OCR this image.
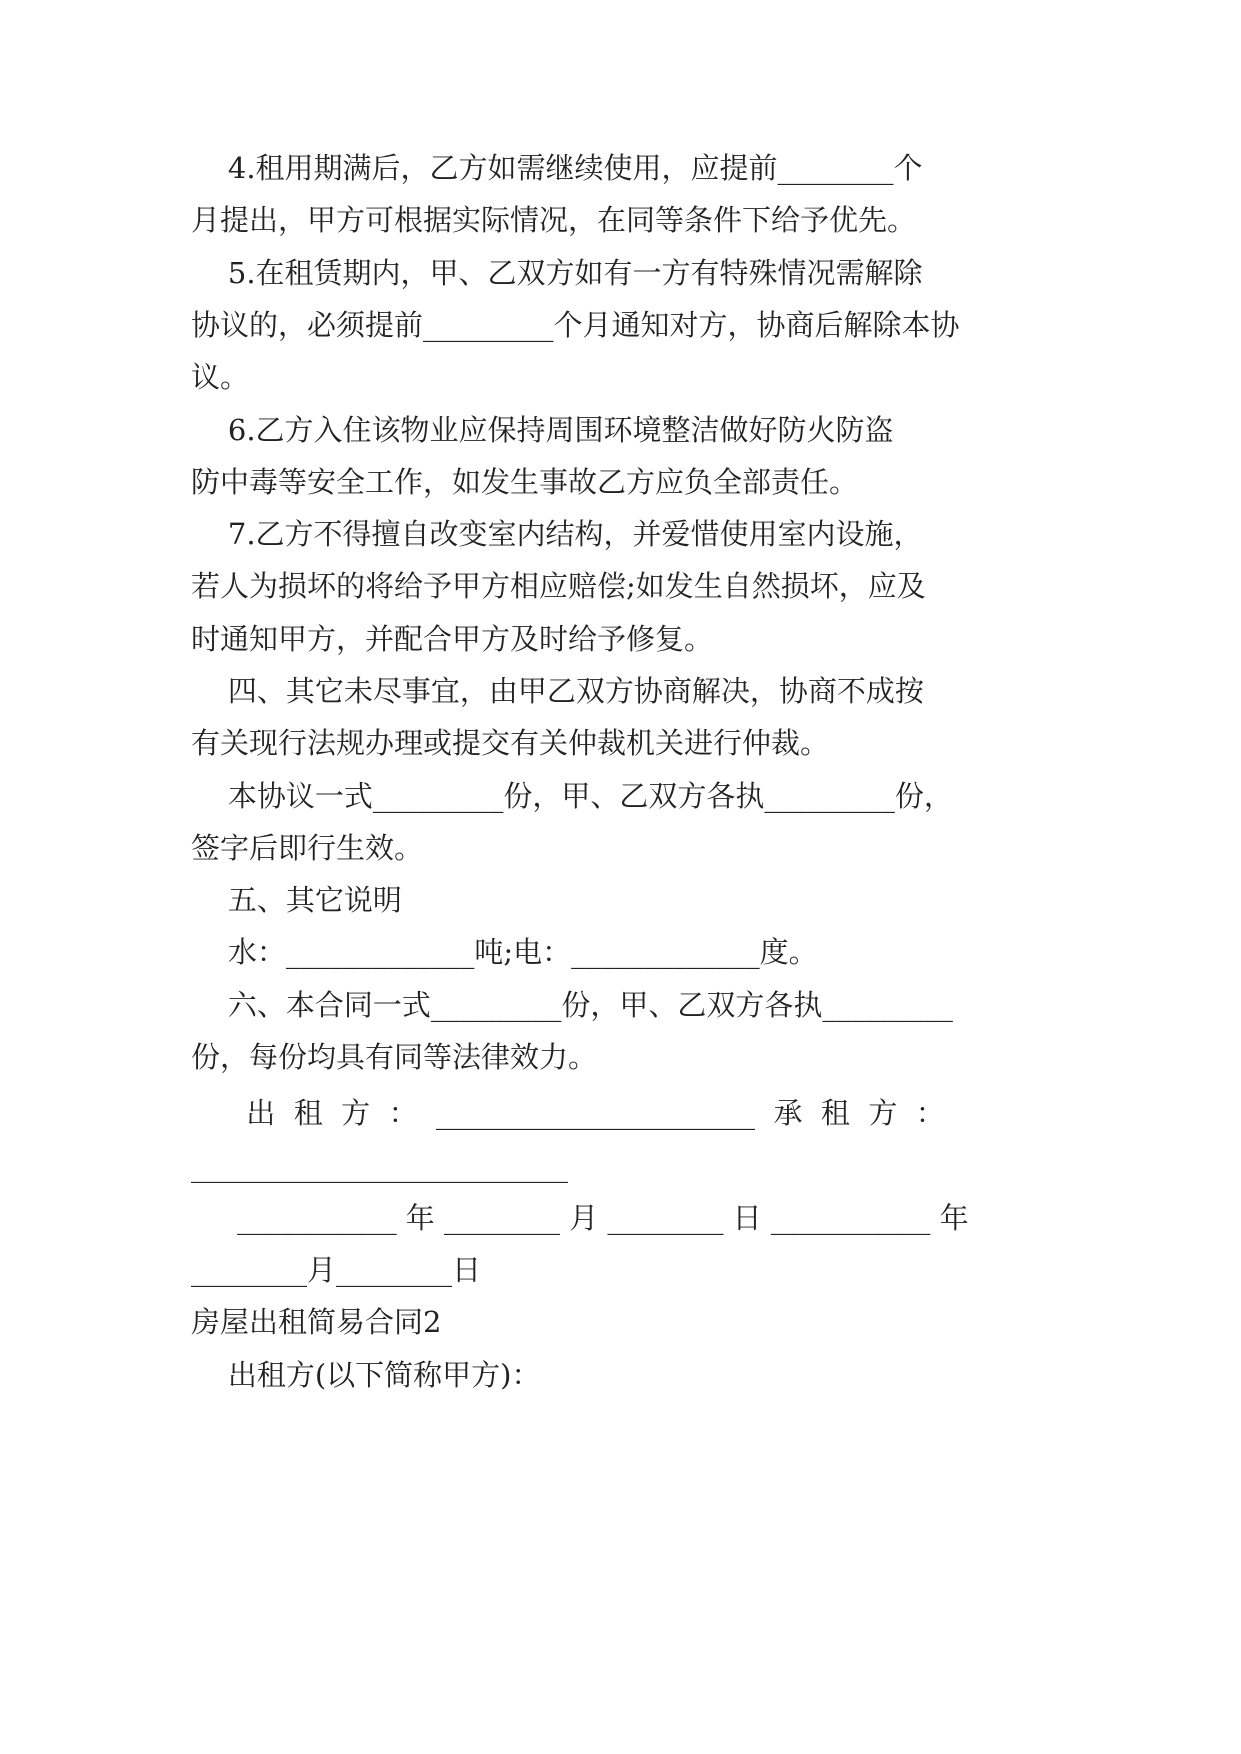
4.租用期满后，乙方如需继续使用，应提前________个
月提出，甲方可根据实际情况，在同等条件下给予优先。
5.在租赁期内，甲、乙双方如有一方有特殊情况需解除
协议的，必须提前_________个月通知对方，协商后解除本协
议。
6.乙方入住该物业应保持周围环境整洁做好防火防盗
防中毒等安全工作，如发生事故乙方应负全部责任。
7.乙方不得擅自改变室内结构，并爱惜使用室内设施，
若人为损坏的将给予甲方相应赔偿;如发生自然损坏，应及
时通知甲方，并配合甲方及时给予修复。
四、其它未尽事宜，由甲乙双方协商解决，协商不成按
有关现行法规办理或提交有关仲裁机关进行仲裁。
本协议一式_________份，甲、乙双方各执_________份，
签字后即行生效。
五、其它说明
水：_____________吨;电：_____________度。
六、本合同一式_________份，甲、乙双方各执_________
份，每份均具有同等法律效力。
出  租  方  ：  ______________________  承  租  方  ：
__________________________
___________ 年 ________ 月 ________ 日 ___________ 年
________月________日
房屋出租简易合同2
出租方(以下简称甲方)：
